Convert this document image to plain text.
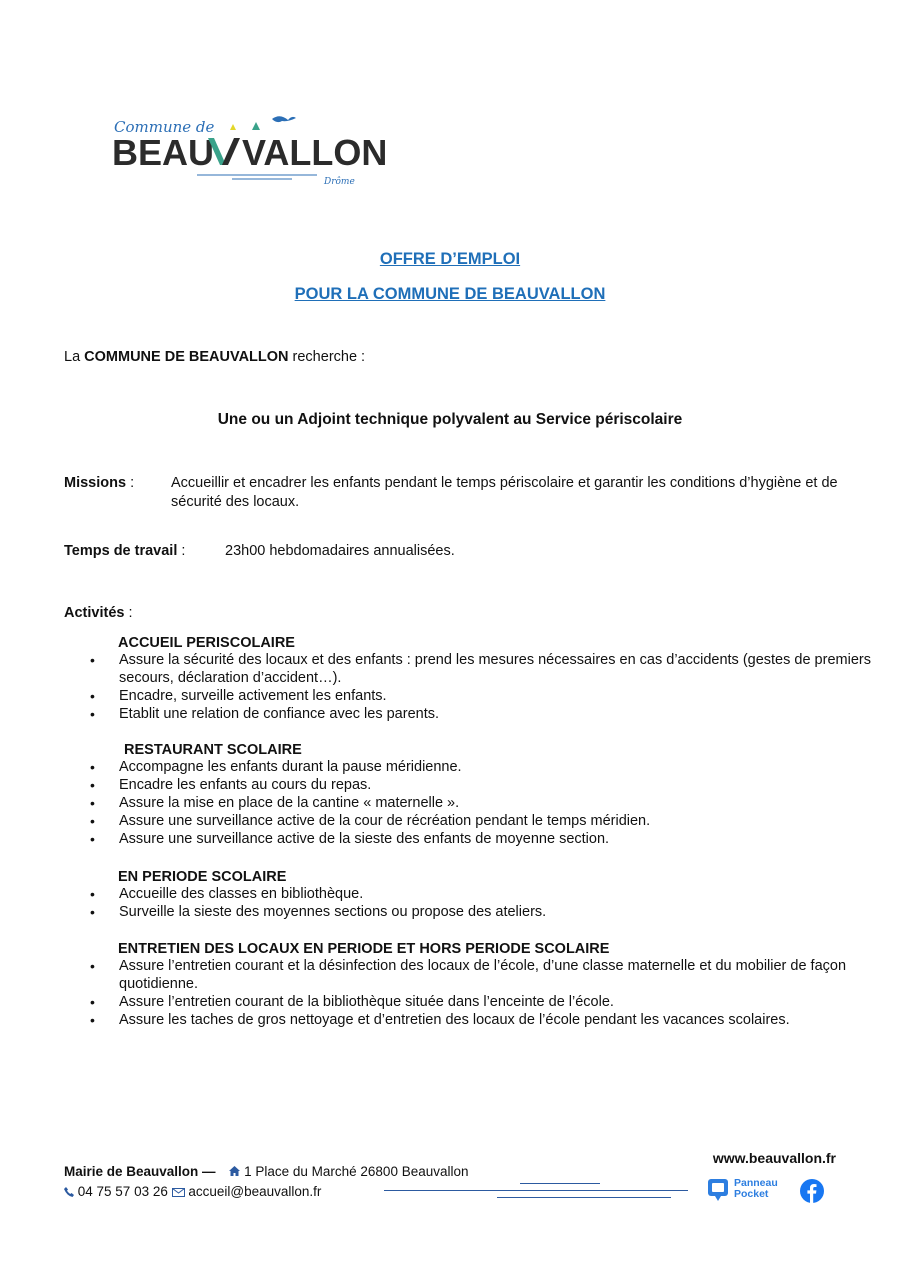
Commune de
BEAU VALLON
Drôme
OFFRE D’EMPLOI
POUR LA COMMUNE DE BEAUVALLON
La COMMUNE DE BEAUVALLON recherche :
Une ou un Adjoint technique polyvalent au Service périscolaire
Missions :	Accueillir et encadrer les enfants pendant le temps périscolaire et garantir les conditions d’hygiène et de sécurité des locaux.
Temps de travail :	23h00 hebdomadaires annualisées.
Activités :
ACCUEIL PERISCOLAIRE
• Assure la sécurité des locaux et des enfants : prend les mesures nécessaires en cas d’accidents (gestes de premiers secours, déclaration d’accident…).
• Encadre, surveille activement les enfants.
• Etablit une relation de confiance avec les parents.
RESTAURANT SCOLAIRE
• Accompagne les enfants durant la pause méridienne.
• Encadre les enfants au cours du repas.
• Assure la mise en place de la cantine « maternelle ».
• Assure une surveillance active de la cour de récréation pendant le temps méridien.
• Assure une surveillance active de la sieste des enfants de moyenne section.
EN PERIODE SCOLAIRE
• Accueille des classes en bibliothèque.
• Surveille la sieste des moyennes sections ou propose des ateliers.
ENTRETIEN DES LOCAUX EN PERIODE ET HORS PERIODE SCOLAIRE
• Assure l’entretien courant et la désinfection des locaux de l’école, d’une classe maternelle et du mobilier de façon quotidienne.
• Assure l’entretien courant de la bibliothèque située dans l’enceinte de l’école.
• Assure les taches de gros nettoyage et d’entretien des locaux de l’école pendant les vacances scolaires.
Mairie de Beauvallon — 1 Place du Marché 26800 Beauvallon
04 75 57 03 26 accueil@beauvallon.fr
www.beauvallon.fr
Panneau
Pocket
